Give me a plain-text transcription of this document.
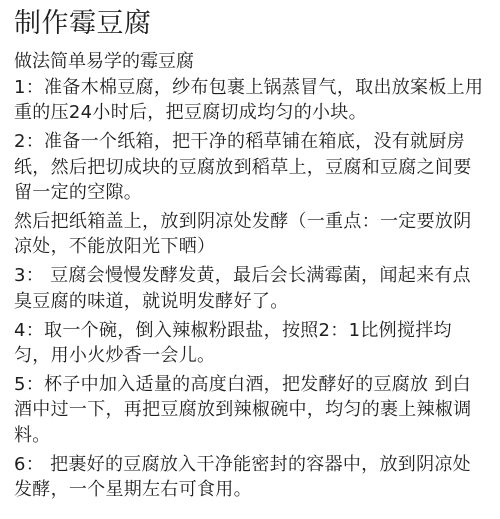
制作霉豆腐

做法简单易学的霉豆腐

1：准备木棉豆腐，纱布包裹上锅蒸冒气，取出放案板上用重的压24小时后，把豆腐切成均匀的小块。

2：准备一个纸箱，把干净的稻草铺在箱底，没有就厨房纸，然后把切成块的豆腐放到稻草上，豆腐和豆腐之间要留一定的空隙。

然后把纸箱盖上，放到阴凉处发酵（一重点：一定要放阴凉处，不能放阳光下晒）

3： 豆腐会慢慢发酵发黄，最后会长满霉菌，闻起来有点臭豆腐的味道，就说明发酵好了。

4：取一个碗，倒入辣椒粉跟盐，按照2：1比例搅拌均匀，用小火炒香一会儿。

5：杯子中加入适量的高度白酒，把发酵好的豆腐放 到白酒中过一下，再把豆腐放到辣椒碗中，均匀的裹上辣椒调料。

6： 把裹好的豆腐放入干净能密封的容器中，放到阴凉处发酵，一个星期左右可食用。
